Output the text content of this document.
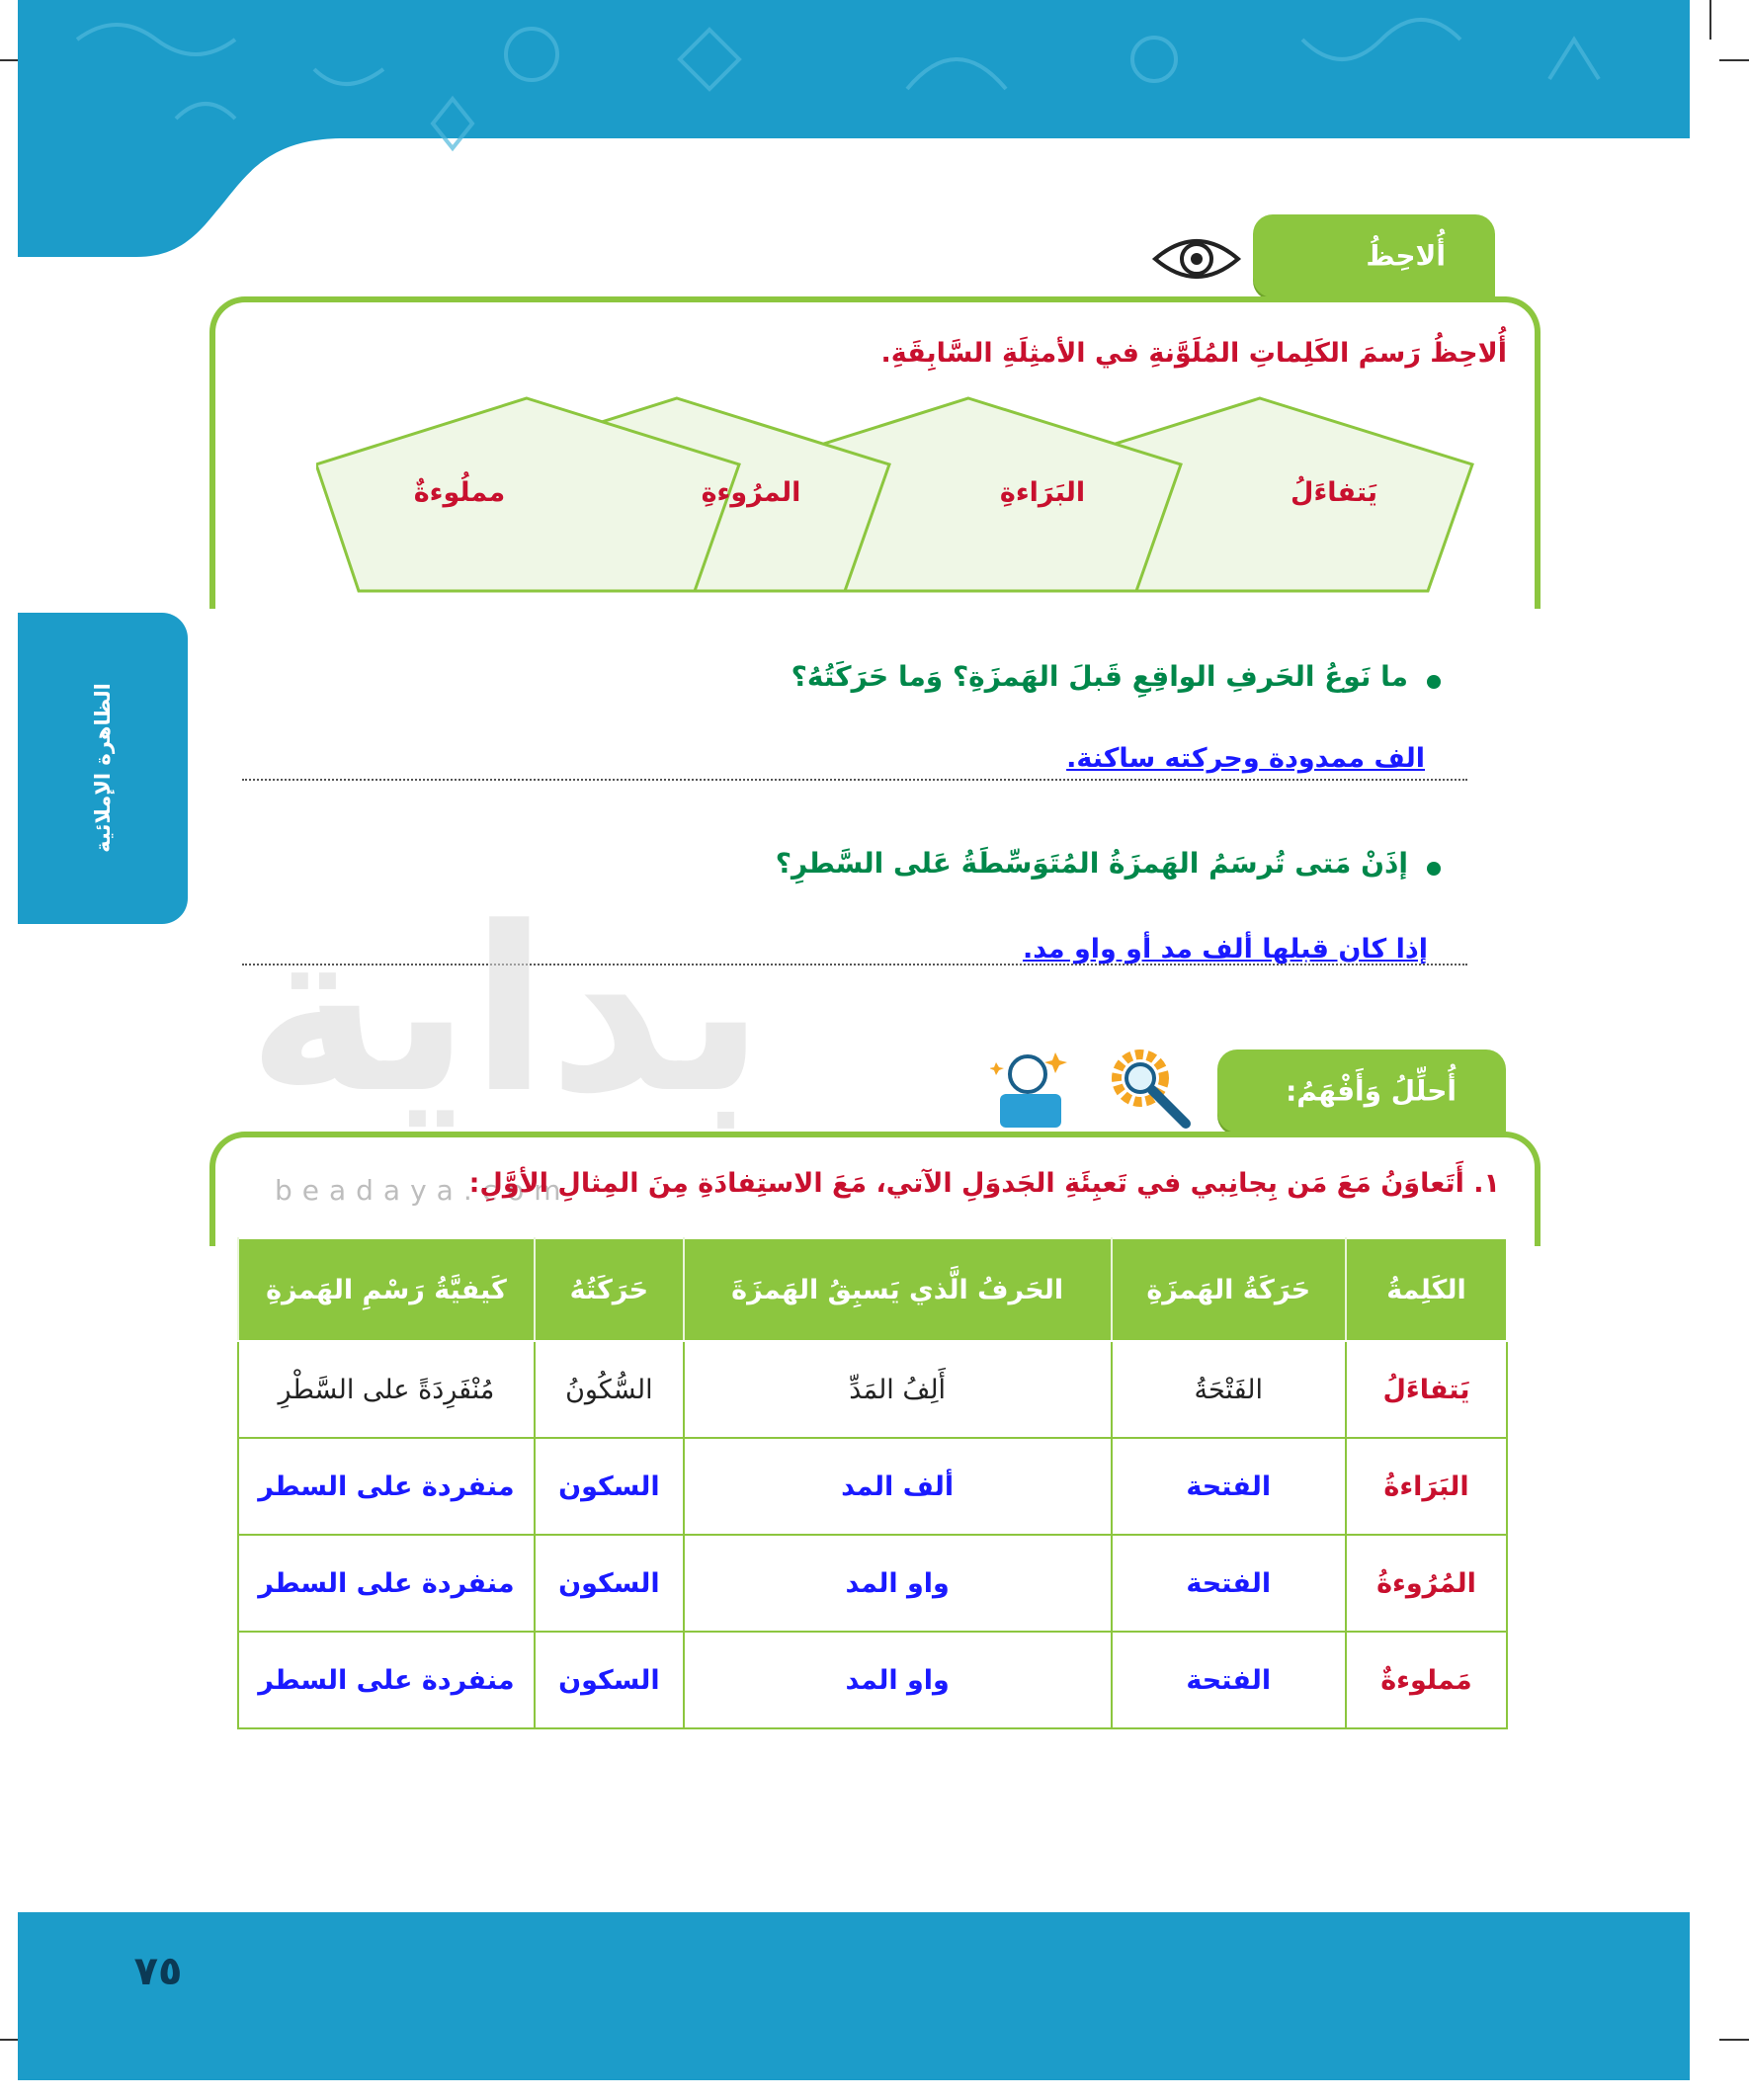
الظاهرة الإملائية
أُلاحِظُ
أُلاحِظُ رَسمَ الكَلِماتِ المُلَوَّنةِ في الأمثِلَةِ السَّابِقَةِ.
يَتفاءَلُ
البَرَاءةِ
المرُوءةِ
مملُوءةٌ
ما نَوعُ الحَرفِ الواقِعِ قَبلَ الهَمزَةِ؟ وَما حَرَكَتُهُ؟
الف ممدودة وحركته ساكنة.
إذَنْ مَتى تُرسَمُ الهَمزَةُ المُتَوَسِّطَةُ عَلى السَّطرِ؟
إذا كان قبلها ألف مد أو واو مد.
بداية
beadaya.com
أُحلِّلُ وَأَفْهَمُ:
١. أَتَعاوَنُ مَعَ مَن بِجانِبي في تَعبِئَةِ الجَدوَلِ الآتي، مَعَ الاستِفادَةِ مِنَ المِثالِ الأوَّلِ:
الكَلِمةُ	حَرَكَةُ الهَمزَةِ	الحَرفُ الَّذي يَسبِقُ الهَمزَةَ	حَرَكَتُهُ	كَيفيَّةُ رَسْمِ الهَمزةِ
يَتفاءَلُ	الفَتْحَةُ	أَلِفُ المَدِّ	السُّكُونُ	مُنْفَرِدَةً على السَّطْرِ
البَرَاءةُ	الفتحة	ألف المد	السكون	منفردة على السطر
المُرُوءةُ	الفتحة	واو المد	السكون	منفردة على السطر
مَملوءةٌ	الفتحة	واو المد	السكون	منفردة على السطر
٧٥
